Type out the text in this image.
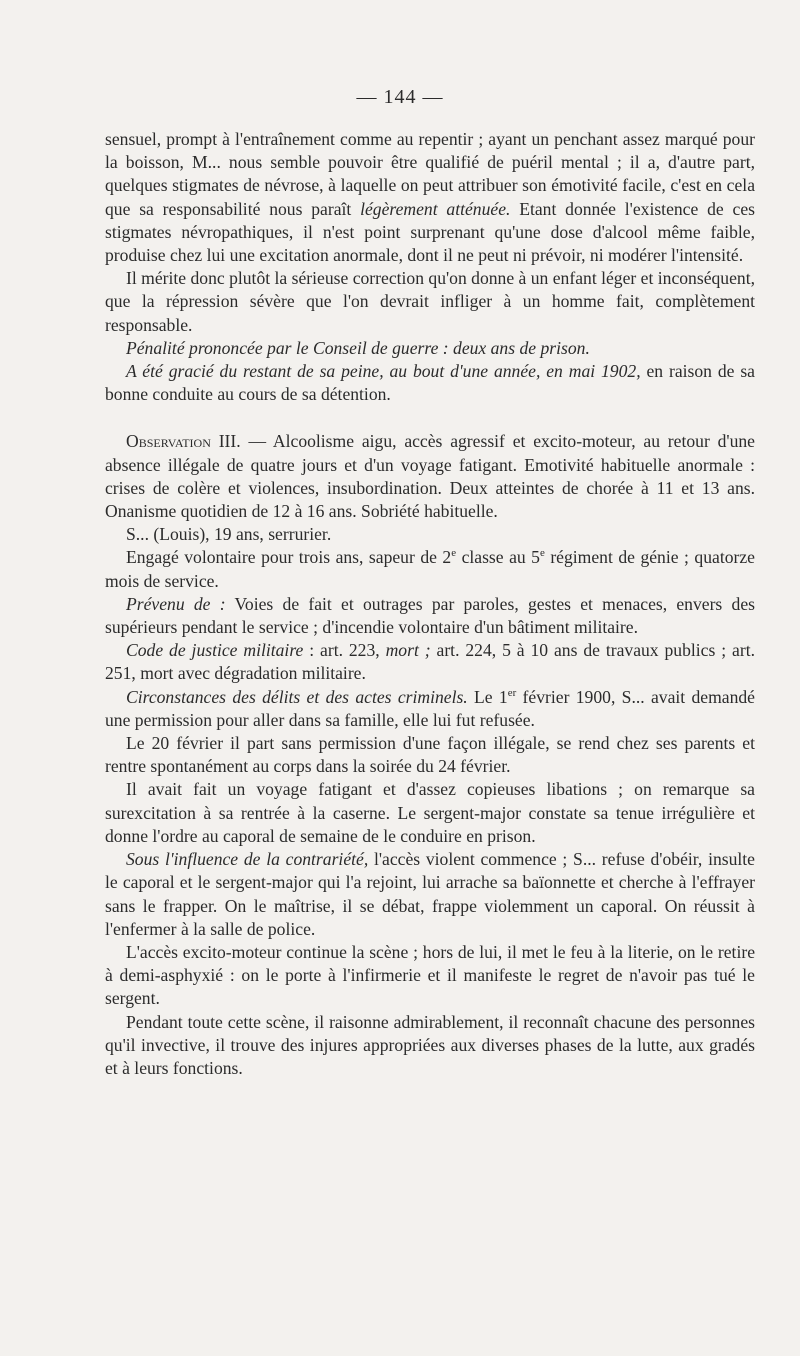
— 144 —

sensuel, prompt à l'entraînement comme au repentir ; ayant un penchant assez marqué pour la boisson, M... nous semble pouvoir être qualifié de puéril mental ; il a, d'autre part, quelques stigmates de névrose, à laquelle on peut attribuer son émotivité facile, c'est en cela que sa responsabilité nous paraît légèrement atténuée. Etant donnée l'existence de ces stigmates névropathiques, il n'est point surprenant qu'une dose d'alcool même faible, produise chez lui une excitation anormale, dont il ne peut ni prévoir, ni modérer l'intensité.

Il mérite donc plutôt la sérieuse correction qu'on donne à un enfant léger et inconséquent, que la répression sévère que l'on devrait infliger à un homme fait, complètement responsable.

Pénalité prononcée par le Conseil de guerre : deux ans de prison.

A été gracié du restant de sa peine, au bout d'une année, en mai 1902, en raison de sa bonne conduite au cours de sa détention.

Observation III. — Alcoolisme aigu, accès agressif et excito-moteur, au retour d'une absence illégale de quatre jours et d'un voyage fatigant. Emotivité habituelle anormale : crises de colère et violences, insubordination. Deux atteintes de chorée à 11 et 13 ans. Onanisme quotidien de 12 à 16 ans. Sobriété habituelle.

S... (Louis), 19 ans, serrurier.

Engagé volontaire pour trois ans, sapeur de 2e classe au 5e régiment de génie ; quatorze mois de service.

Prévenu de : Voies de fait et outrages par paroles, gestes et menaces, envers des supérieurs pendant le service ; d'incendie volontaire d'un bâtiment militaire.

Code de justice militaire : art. 223, mort ; art. 224, 5 à 10 ans de travaux publics ; art. 251, mort avec dégradation militaire.

Circonstances des délits et des actes criminels. Le 1er février 1900, S... avait demandé une permission pour aller dans sa famille, elle lui fut refusée.

Le 20 février il part sans permission d'une façon illégale, se rend chez ses parents et rentre spontanément au corps dans la soirée du 24 février.

Il avait fait un voyage fatigant et d'assez copieuses libations ; on remarque sa surexcitation à sa rentrée à la caserne. Le sergent-major constate sa tenue irrégulière et donne l'ordre au caporal de semaine de le conduire en prison.

Sous l'influence de la contrariété, l'accès violent commence ; S... refuse d'obéir, insulte le caporal et le sergent-major qui l'a rejoint, lui arrache sa baïonnette et cherche à l'effrayer sans le frapper. On le maîtrise, il se débat, frappe violemment un caporal. On réussit à l'enfermer à la salle de police.

L'accès excito-moteur continue la scène ; hors de lui, il met le feu à la literie, on le retire à demi-asphyxié : on le porte à l'infirmerie et il manifeste le regret de n'avoir pas tué le sergent.

Pendant toute cette scène, il raisonne admirablement, il reconnaît chacune des personnes qu'il invective, il trouve des injures appropriées aux diverses phases de la lutte, aux gradés et à leurs fonctions.
